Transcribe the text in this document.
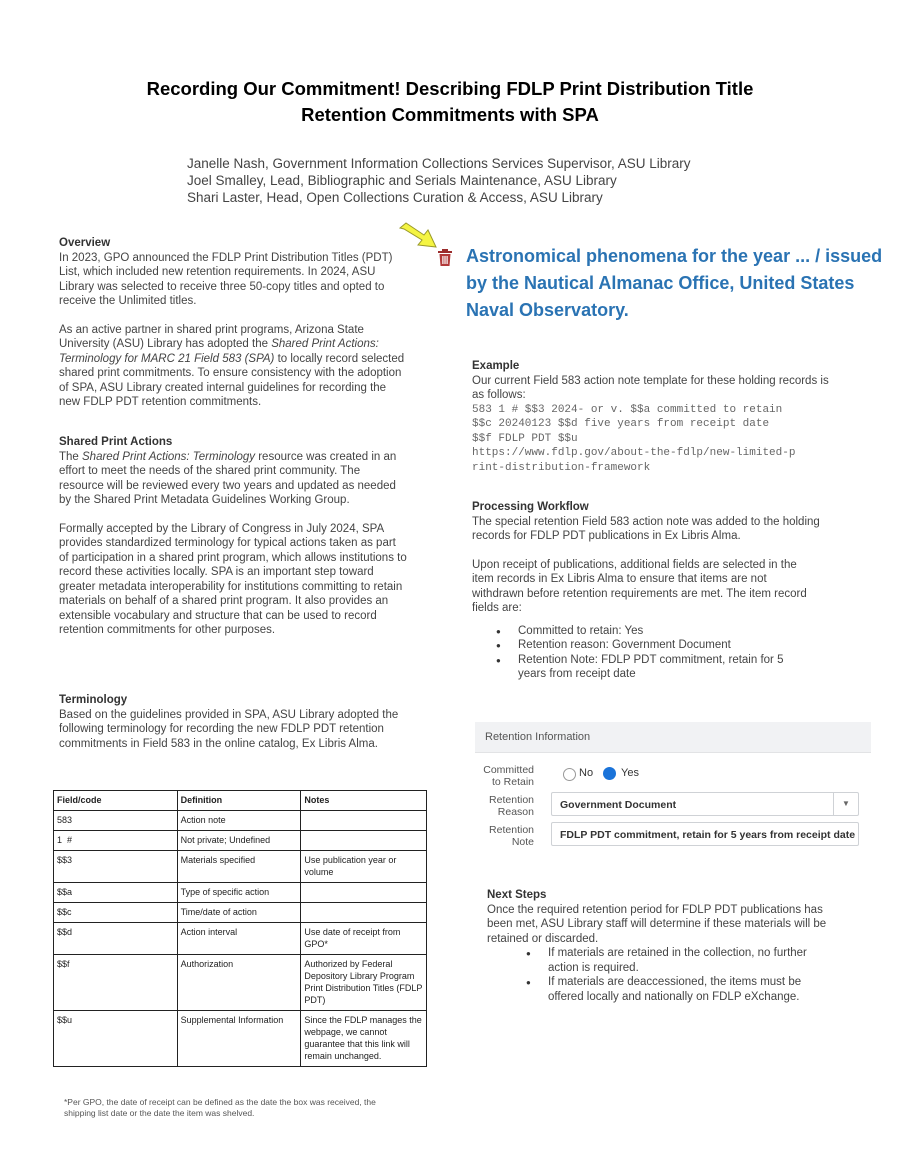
Recording Our Commitment! Describing FDLP Print Distribution Title
Retention Commitments with SPA
Janelle Nash, Government Information Collections Services Supervisor, ASU Library
Joel Smalley, Lead, Bibliographic and Serials Maintenance, ASU Library
Shari Laster, Head, Open Collections Curation & Access, ASU Library
Overview

In 2023, GPO announced the FDLP Print Distribution Titles (PDT) List, which included new retention requirements. In 2024, ASU Library was selected to receive three 50-copy titles and opted to receive the Unlimited titles.

As an active partner in shared print programs, Arizona State University (ASU) Library has adopted the Shared Print Actions: Terminology for MARC 21 Field 583 (SPA) to locally record selected shared print commitments. To ensure consistency with the adoption of SPA, ASU Library created internal guidelines for recording the new FDLP PDT retention commitments.

Shared Print Actions

The Shared Print Actions: Terminology resource was created in an effort to meet the needs of the shared print community. The resource will be reviewed every two years and updated as needed by the Shared Print Metadata Guidelines Working Group.

Formally accepted by the Library of Congress in July 2024, SPA provides standardized terminology for typical actions taken as part of participation in a shared print program, which allows institutions to record these activities locally. SPA is an important step toward greater metadata interoperability for institutions committing to retain materials on behalf of a shared print program. It also provides an extensible vocabulary and structure that can be used to record retention commitments for other purposes.

Terminology

Based on the guidelines provided in SPA, ASU Library adopted the following terminology for recording the new FDLP PDT retention commitments in Field 583 in the online catalog, Ex Libris Alma.

Field/code	Definition	Notes
583	Action note	
1  #	Not private; Undefined	
$$3	Materials specified	Use publication year or volume
$$a	Type of specific action	
$$c	Time/date of action	
$$d	Action interval	Use date of receipt from GPO*
$$f	Authorization	Authorized by Federal Depository Library Program Print Distribution Titles (FDLP PDT)
$$u	Supplemental Information	Since the FDLP manages the webpage, we cannot guarantee that this link will remain unchanged.
*Per GPO, the date of receipt can be defined as the date the box was received, the shipping list date or the date the item was shelved.
Astronomical phenomena for the year ... / issued by the Nautical Almanac Office, United States Naval Observatory.
Example
Our current Field 583 action note template for these holding records is as follows:
583 1 # $$3 2024- or v. $$a committed to retain
$$c 20240123 $$d five years from receipt date
$$f FDLP PDT $$u
https://www.fdlp.gov/about-the-fdlp/new-limited-p
rint-distribution-framework
Processing Workflow

The special retention Field 583 action note was added to the holding records for FDLP PDT publications in Ex Libris Alma.

Upon receipt of publications, additional fields are selected in the item records in Ex Libris Alma to ensure that items are not withdrawn before retention requirements are met. The item record fields are:

● Committed to retain: Yes
● Retention reason: Government Document
● Retention Note: FDLP PDT commitment, retain for 5 years from receipt date
Retention Information
Committed to Retain
No	Yes
Retention Reason
Government Document	▼
Retention Note
FDLP PDT commitment, retain for 5 years from receipt date
Next Steps
Once the required retention period for FDLP PDT publications has been met, ASU Library staff will determine if these materials will be retained or discarded.
● If materials are retained in the collection, no further action is required.
● If materials are deaccessioned, the items must be offered locally and nationally on FDLP eXchange.
